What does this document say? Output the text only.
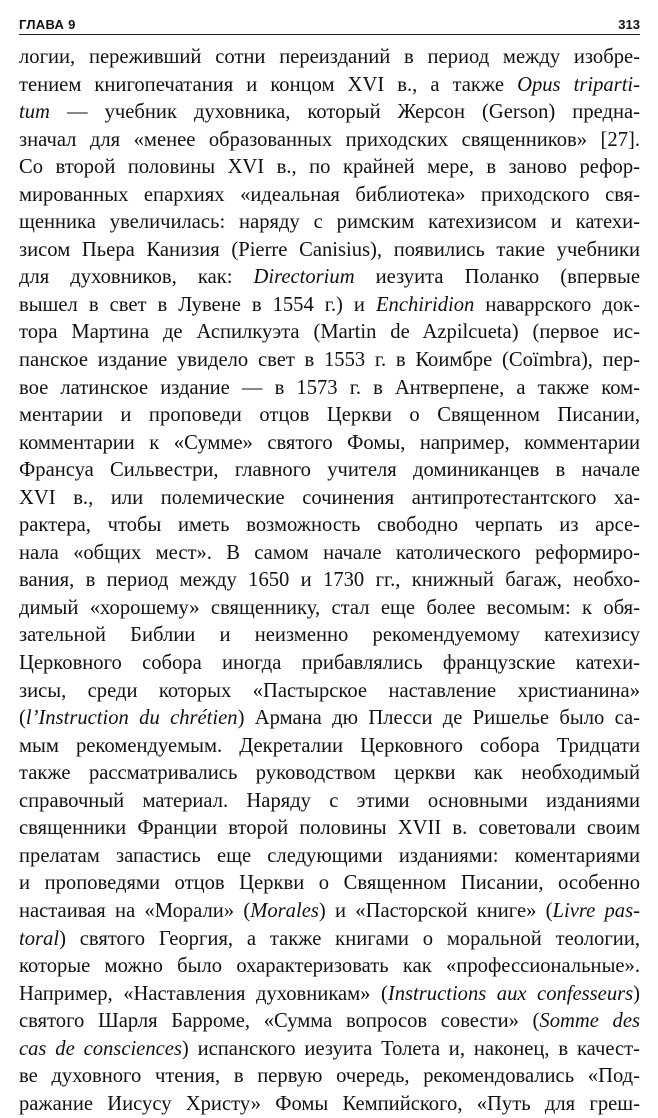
ГЛАВА 9	313
логии, переживший сотни переизданий в период между изобре-
тением книгопечатания и концом XVI в., а также Opus triparti-
tum — учебник духовника, который Жерсон (Gerson) предна-
значал для «менее образованных приходских священников» [27].
Со второй половины XVI в., по крайней мере, в заново рефор-
мированных епархиях «идеальная библиотека» приходского свя-
щенника увеличилась: наряду с римским катехизисом и катехи-
зисом Пьера Канизия (Pierre Canisius), появились такие учебники
для духовников, как: Directorium иезуита Поланко (впервые
вышел в свет в Лувене в 1554 г.) и Enchiridion наваррского док-
тора Мартина де Аспилкуэта (Martin de Azpilcueta) (первое ис-
панское издание увидело свет в 1553 г. в Коимбре (Coïmbra), пер-
вое латинское издание — в 1573 г. в Антверпене, а также ком-
ментарии и проповеди отцов Церкви о Священном Писании,
комментарии к «Сумме» святого Фомы, например, комментарии
Франсуа Сильвестри, главного учителя доминиканцев в начале
XVI в., или полемические сочинения антипротестантского ха-
рактера, чтобы иметь возможность свободно черпать из арсе-
нала «общих мест». В самом начале католического реформиро-
вания, в период между 1650 и 1730 гг., книжный багаж, необхо-
димый «хорошему» священнику, стал еще более весомым: к обя-
зательной Библии и неизменно рекомендуемому катехизису
Церковного собора иногда прибавлялись французские катехи-
зисы, среди которых «Пастырское наставление христианина»
(l’Instruction du chrétien) Армана дю Плесси де Ришелье было са-
мым рекомендуемым. Декреталии Церковного собора Тридцати
также рассматривались руководством церкви как необходимый
справочный материал. Наряду с этими основными изданиями
священники Франции второй половины XVII в. советовали своим
прелатам запастись еще следующими изданиями: коментариями
и проповедями отцов Церкви о Священном Писании, особенно
настаивая на «Морали» (Morales) и «Пасторской книге» (Livre pas-
toral) святого Георгия, а также книгами о моральной теологии,
которые можно было охарактеризовать как «профессиональные».
Например, «Наставления духовникам» (Instructions aux confesseurs)
святого Шарля Барроме, «Сумма вопросов совести» (Somme des
cas de consciences) испанского иезуита Толета и, наконец, в качест-
ве духовного чтения, в первую очередь, рекомендовались «Под-
ражание Иисусу Христу» Фомы Кемпийского, «Путь для греш-
